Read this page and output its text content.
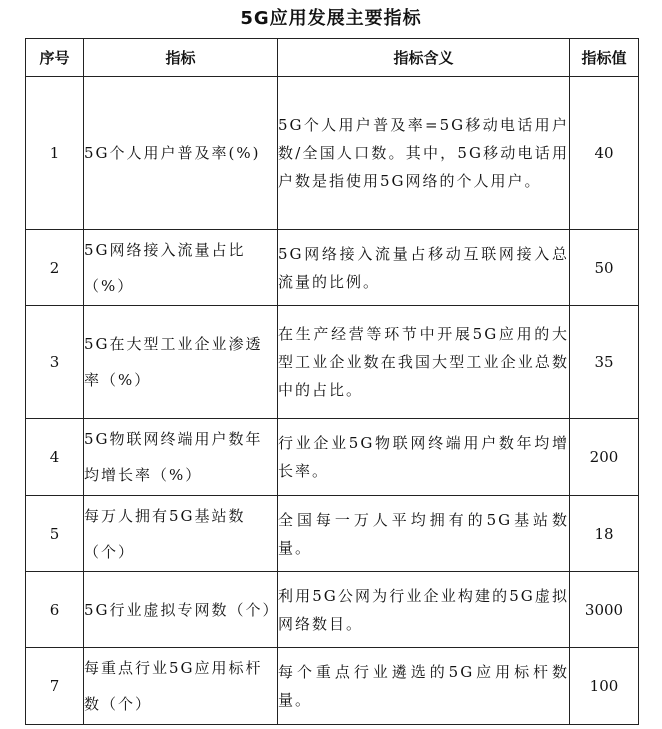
5G应用发展主要指标
序号	指标	指标含义	指标值
1	5G个人用户普及率(%)	5G个人用户普及率=5G移动电话用户数/全国人口数。其中，5G移动电话用户数是指使用5G网络的个人用户。	40
2	5G网络接入流量占比（%）	5G网络接入流量占移动互联网接入总流量的比例。	50
3	5G在大型工业企业渗透率（%）	在生产经营等环节中开展5G应用的大型工业企业数在我国大型工业企业总数中的占比。	35
4	5G物联网终端用户数年均增长率（%）	行业企业5G物联网终端用户数年均增长率。	200
5	每万人拥有5G基站数（个）	全国每一万人平均拥有的5G基站数量。	18
6	5G行业虚拟专网数（个）	利用5G公网为行业企业构建的5G虚拟网络数目。	3000
7	每重点行业5G应用标杆数（个）	每个重点行业遴选的5G应用标杆数量。	100
